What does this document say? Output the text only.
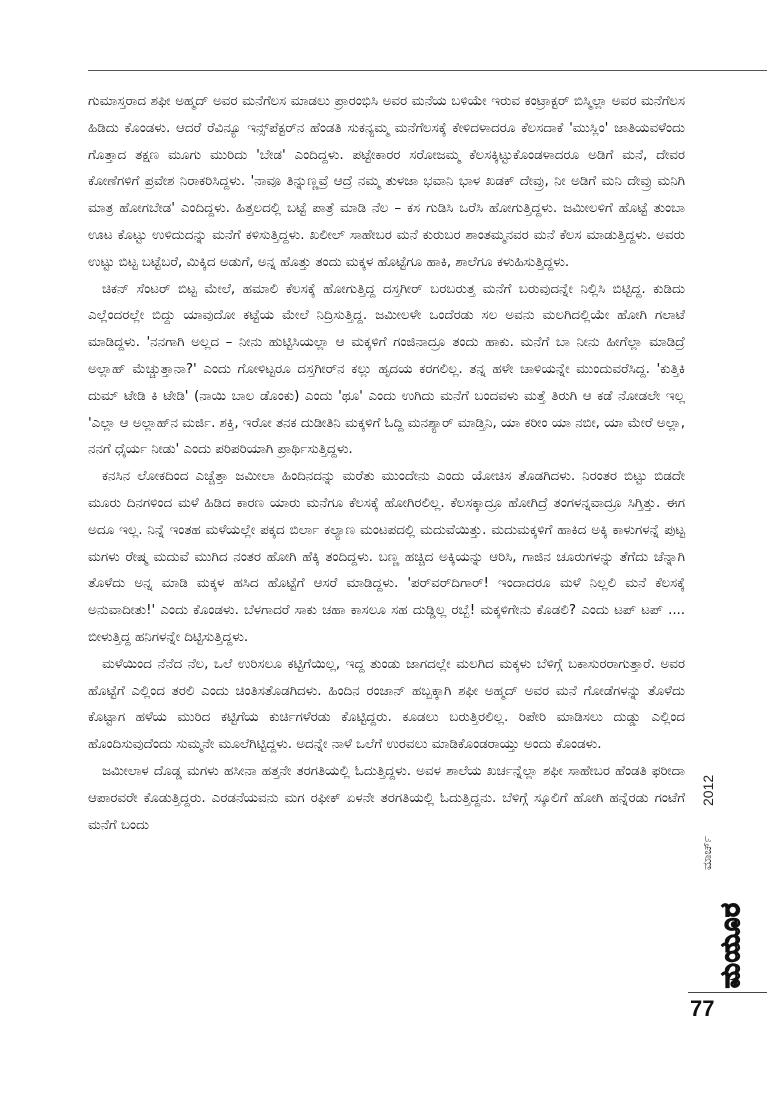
ಗುಮಾಸ್ತರಾದ ಶಫೀ ಅಹ್ಮದ್ ಅವರ ಮನೆಗೆಲಸ ಮಾಡಲು ಪ್ರಾರಂಭಿಸಿ ಅವರ ಮನೆಯ ಬಳಿಯೇ ಇರುವ ಕಂಟ್ರಾಕ್ಟರ್ ಬಿಸ್ಮಿಲ್ಲಾ ಅವರ ಮನೆಗೆಲಸ ಹಿಡಿದು ಕೊಂಡಳು. ಆದರೆ ರೆವಿನ್ಯೂ ಇನ್ಸ್‌ಪೆಕ್ಟರ್‌ನ ಹೆಂಡತಿ ಸುಕನ್ಯಮ್ಮ ಮನೆಗೆಲಸಕ್ಕೆ ಕೇಳಿದಳಾದರೂ ಕೆಲಸದಾಕೆ 'ಮುಸ್ಲಿಂ' ಜಾತಿಯವಳೆಂದು ಗೊತ್ತಾದ ತಕ್ಷಣ ಮೂಗು ಮುರಿದು 'ಬೇಡ' ಎಂದಿದ್ದಳು. ಪಟ್ಟೇಕಾರರ ಸರೋಜಮ್ಮ ಕೆಲಸಕ್ಕಿಟ್ಟುಕೊಂಡಳಾದರೂ ಅಡಿಗೆ ಮನೆ, ದೇವರ ಕೋಣೆಗಳಿಗೆ ಪ್ರವೇಶ ನಿರಾಕರಿಸಿದ್ದಳು. 'ನಾವೂ ತಿನ್ನುಣ್ಣವ್ರೆ ಆದ್ರೆ ನಮ್ಮ ತುಳಜಾ ಭವಾನಿ ಭಾಳ ಖಡಕ್ ದೇವ್ರು, ನೀ ಅಡಿಗೆ ಮನಿ ದೇವ್ರು ಮನಿಗಿ ಮಾತ್ರ ಹೋಗಬೇಡ' ಎಂದಿದ್ದಳು. ಹಿತ್ತಲದಲ್ಲಿ ಬಟ್ಟೆ ಪಾತ್ರೆ ಮಾಡಿ ನೆಲ – ಕಸ ಗುಡಿಸಿ ಒರೆಸಿ ಹೋಗುತ್ತಿದ್ದಳು. ಜಮೀಲಳಿಗೆ ಹೊಟ್ಟೆ ತುಂಬಾ ಊಟ ಕೊಟ್ಟು ಉಳಿದುದನ್ನು ಮನೆಗೆ ಕಳಿಸುತ್ತಿದ್ದಳು. ಖಲೀಲ್ ಸಾಹೇಬರ ಮನೆ ಕುರುಬರ ಶಾಂತಮ್ಮನವರ ಮನೆ ಕೆಲಸ ಮಾಡುತ್ತಿದ್ದಳು. ಅವರು ಉಟ್ಟು ಬಿಟ್ಟ ಬಟ್ಟೆಬರೆ, ಮಿಕ್ಕಿದ ಅಡುಗೆ, ಅನ್ನ ಹೊತ್ತು ತಂದು ಮಕ್ಕಳ ಹೊಟ್ಟೆಗೂ ಹಾಕಿ, ಶಾಲೆಗೂ ಕಳುಹಿಸುತ್ತಿದ್ದಳು.

ಚಿಕನ್ ಸೆಂಟರ್ ಬಿಟ್ಟ ಮೇಲೆ, ಹಮಾಲಿ ಕೆಲಸಕ್ಕೆ ಹೋಗುತ್ತಿದ್ದ ದಸ್ತಗೀರ್ ಬರಬರುತ್ತ ಮನೆಗೆ ಬರುವುದನ್ನೇ ನಿಲ್ಲಿಸಿ ಬಿಟ್ಟಿದ್ದ. ಕುಡಿದು ಎಲ್ಲೆಂದರಲ್ಲೇ ಬಿದ್ದು ಯಾವುದೋ ಕಟ್ಟೆಯ ಮೇಲೆ ನಿದ್ರಿಸುತ್ತಿದ್ದ. ಜಮೀಲಳೇ ಒಂದೆರಡು ಸಲ ಅವನು ಮಲಗಿದಲ್ಲಿಯೇ ಹೋಗಿ ಗಲಾಟೆ ಮಾಡಿದ್ದಳು. 'ನನಗಾಗಿ ಅಲ್ಲದ – ನೀನು ಹುಟ್ಟಿಸಿಯಲ್ಲಾ ಆ ಮಕ್ಕಳಿಗೆ ಗಂಜಿನಾದ್ರೂ ತಂದು ಹಾಕು. ಮನೆಗೆ ಬಾ ನೀನು ಹೀಗೆಲ್ಲಾ ಮಾಡಿದ್ರೆ ಅಲ್ಲಾಹ್ ಮೆಚ್ಚುತ್ತಾನಾ?' ಎಂದು ಗೋಳಿಟ್ಟರೂ ದಸ್ತಗೀರ್‌ನ ಕಲ್ಲು ಹೃದಯ ಕರಗಲಿಲ್ಲ. ತನ್ನ ಹಳೇ ಚಾಳಿಯನ್ನೇ ಮುಂದುವರೆಸಿದ್ದ. 'ಕುತ್ತಿಕಿ ದುಮ್ ಟೇಡಿ ಕಿ ಟೇಡಿ' (ನಾಯಿ ಬಾಲ ಡೊಂಕು) ಎಂದು 'ಥೂ' ಎಂದು ಉಗಿದು ಮನೆಗೆ ಬಂದವಳು ಮತ್ತೆ ತಿರುಗಿ ಆ ಕಡೆ ನೋಡಲೇ ಇಲ್ಲ 'ಎಲ್ಲಾ ಆ ಅಲ್ಲಾಹ್‌ನ ಮರ್ಜಿ. ಶಕ್ತಿ, ಇರೋ ತನಕ ದುಡೀತಿನಿ ಮಕ್ಕಳಿಗೆ ಓದ್ದಿ ಮನಶ್ಯಾರ್ ಮಾಡ್ತಿನಿ, ಯಾ ಕರೀಂ ಯಾ ನಬೀ, ಯಾ ಮೇರೆ ಅಲ್ಲಾ, ನನಗೆ ಧೈರ್ಯ ನೀಡು' ಎಂದು ಪರಿಪರಿಯಾಗಿ ಪ್ರಾರ್ಥಿಸುತ್ತಿದ್ದಳು.

ಕನಸಿನ ಲೋಕದಿಂದ ಎಚ್ಚೆತ್ತಾ ಜಮೀಲಾ ಹಿಂದಿನದನ್ನು ಮರೆತು ಮುಂದೇನು ಎಂದು ಯೋಚಿಸ ತೊಡಗಿದಳು. ನಿರಂತರ ಬಿಟ್ಟು ಬಿಡದೇ ಮೂರು ದಿನಗಳಿಂದ ಮಳೆ ಹಿಡಿದ ಕಾರಣ ಯಾರು ಮನೆಗೂ ಕೆಲಸಕ್ಕೆ ಹೋಗಿರಲಿಲ್ಲ. ಕೆಲಸಕ್ಕಾದ್ರೂ ಹೋಗಿದ್ರೆ ತಂಗಳನ್ನವಾದ್ರೂ ಸಿಗ್ತಿತ್ತು. ಈಗ ಅದೂ ಇಲ್ಲ. ನಿನ್ನೆ ಇಂತಹ ಮಳೆಯಲ್ಲೇ ಪಕ್ಕದ ಬಿರ್ಲಾ ಕಲ್ಯಾಣ ಮಂಟಪದಲ್ಲಿ ಮದುವೆಯಿತ್ತು. ಮದುಮಕ್ಕಳಿಗೆ ಹಾಕಿದ ಅಕ್ಕಿ ಕಾಳುಗಳನ್ನೆ ಪುಟ್ಟ ಮಗಳು ರೇಷ್ಮ ಮದುವೆ ಮುಗಿದ ನಂತರ ಹೋಗಿ ಹೆಕ್ಕಿ ತಂದಿದ್ದಳು. ಬಣ್ಣ ಹಚ್ಚಿದ ಅಕ್ಕಿಯನ್ನು ಆರಿಸಿ, ಗಾಜಿನ ಚೂರುಗಳನ್ನು ತೆಗೆದು ಚೆನ್ನಾಗಿ ತೊಳೆದು ಅನ್ನ ಮಾಡಿ ಮಕ್ಕಳ ಹಸಿದ ಹೊಟ್ಟೆಗೆ ಆಸರೆ ಮಾಡಿದ್ದಳು. 'ಪರ್‌ವರ್‌ದಿಗಾರ್! ಇಂದಾದರೂ ಮಳೆ ನಿಲ್ಲಲಿ ಮನೆ ಕೆಲಸಕ್ಕೆ ಅನುವಾದೀತು!' ಎಂದು ಕೊಂಡಳು. ಬೆಳಗಾದರೆ ಸಾಕು ಚಹಾ ಕಾಸಲೂ ಸಹ ದುಡ್ಡಿಲ್ಲ ರಬ್ಬೆ! ಮಕ್ಕಳಿಗೇನು ಕೊಡಲಿ? ಎಂದು ಟಪ್ ಟಪ್ .... ಬೀಳುತ್ತಿದ್ದ ಹನಿಗಳನ್ನೇ ದಿಟ್ಟಿಸುತ್ತಿದ್ದಳು.

ಮಳೆಯಿಂದ ನೆನೆದ ನೆಲ, ಒಲೆ ಉರಿಸಲೂ ಕಟ್ಟಿಗೆಯಿಲ್ಲ, ಇದ್ದ ತುಂಡು ಜಾಗದಲ್ಲೇ ಮಲಗಿದ ಮಕ್ಕಳು ಬೆಳಿಗ್ಗೆ ಬಕಾಸುರರಾಗುತ್ತಾರೆ. ಅವರ ಹೊಟ್ಟೆಗೆ ಎಲ್ಲಿಂದ ತರಲಿ ಎಂದು ಚಿಂತಿಸತೊಡಗಿದಳು. ಹಿಂದಿನ ರಂಜಾನ್ ಹಬ್ಬಕ್ಕಾಗಿ ಶಫೀ ಅಹ್ಮದ್ ಅವರ ಮನೆ ಗೋಡೆಗಳನ್ನು ತೊಳೆದು ಕೊಟ್ಟಾಗ ಹಳೆಯ ಮುರಿದ ಕಟ್ಟಿಗೆಯ ಕುರ್ಚಿಗಳೆರಡು ಕೊಟ್ಟಿದ್ದರು. ಕೂಡಲು ಬರುತ್ತಿರಲಿಲ್ಲ. ರಿಪೇರಿ ಮಾಡಿಸಲು ದುಡ್ಡು ಎಲ್ಲಿಂದ ಹೊಂದಿಸುವುದೆಂದು ಸುಮ್ಮನೇ ಮೂಲೆಗಿಟ್ಟಿದ್ದಳು. ಅದನ್ನೇ ನಾಳೆ ಒಲೆಗೆ ಉರವಲು ಮಾಡಿಕೊಂಡರಾಯ್ತು ಅಂದು ಕೊಂಡಳು.

ಜಮೀಲಾಳ ದೊಡ್ಡ ಮಗಳು ಹಸೀನಾ ಹತ್ತನೇ ತರಗತಿಯಲ್ಲಿ ಓದುತ್ತಿದ್ದಳು. ಅವಳ ಶಾಲೆಯ ಖರ್ಚನ್ನೆಲ್ಲಾ ಶಫೀ ಸಾಹೇಬರ ಹೆಂಡತಿ ಫರೀದಾ ಆಪಾರವರೇ ಕೊಡುತ್ತಿದ್ದರು. ಎರಡನೆಯವನು ಮಗ ರಫೀಕ್ ಏಳನೇ ತರಗತಿಯಲ್ಲಿ ಓದುತ್ತಿದ್ದನು. ಬೆಳಿಗ್ಗೆ ಸ್ಕೂಲಿಗೆ ಹೋಗಿ ಹನ್ನೆರಡು ಗಂಟೆಗೆ ಮನೆಗೆ ಬಂದು

2012
ಮಾರ್ಚ್
ಮಯೂರ
77
